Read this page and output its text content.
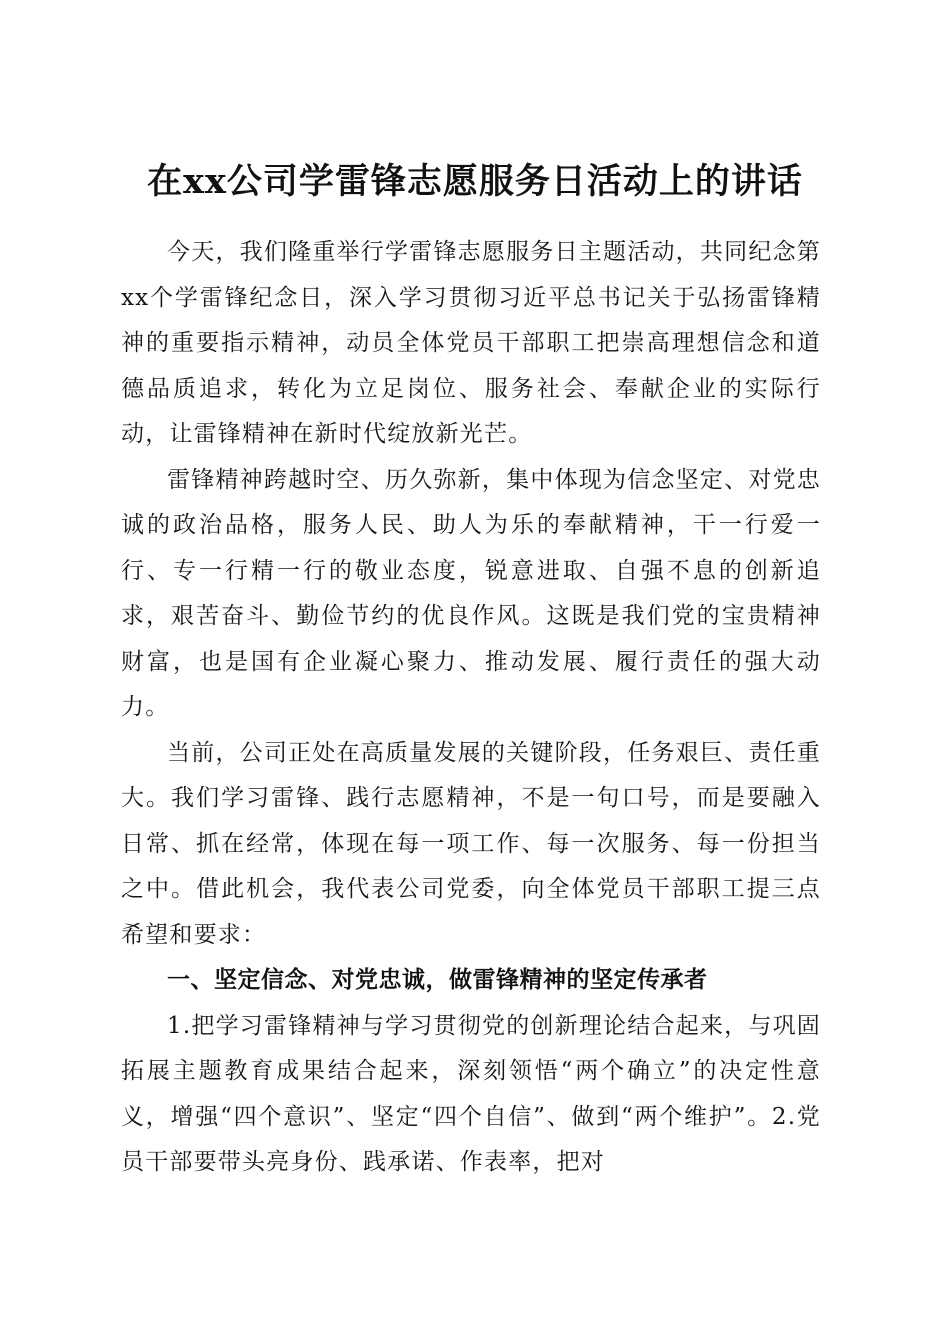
在xx公司学雷锋志愿服务日活动上的讲话

今天，我们隆重举行学雷锋志愿服务日主题活动，共同纪念第xx个学雷锋纪念日，深入学习贯彻习近平总书记关于弘扬雷锋精神的重要指示精神，动员全体党员干部职工把崇高理想信念和道德品质追求，转化为立足岗位、服务社会、奉献企业的实际行动，让雷锋精神在新时代绽放新光芒。

雷锋精神跨越时空、历久弥新，集中体现为信念坚定、对党忠诚的政治品格，服务人民、助人为乐的奉献精神，干一行爱一行、专一行精一行的敬业态度，锐意进取、自强不息的创新追求，艰苦奋斗、勤俭节约的优良作风。这既是我们党的宝贵精神财富，也是国有企业凝心聚力、推动发展、履行责任的强大动力。

当前，公司正处在高质量发展的关键阶段，任务艰巨、责任重大。我们学习雷锋、践行志愿精神，不是一句口号，而是要融入日常、抓在经常，体现在每一项工作、每一次服务、每一份担当之中。借此机会，我代表公司党委，向全体党员干部职工提三点希望和要求：

一、坚定信念、对党忠诚，做雷锋精神的坚定传承者

1.把学习雷锋精神与学习贯彻党的创新理论结合起来，与巩固拓展主题教育成果结合起来，深刻领悟“两个确立”的决定性意义，增强“四个意识”、坚定“四个自信”、做到“两个维护”。2.党员干部要带头亮身份、践承诺、作表率，把对
